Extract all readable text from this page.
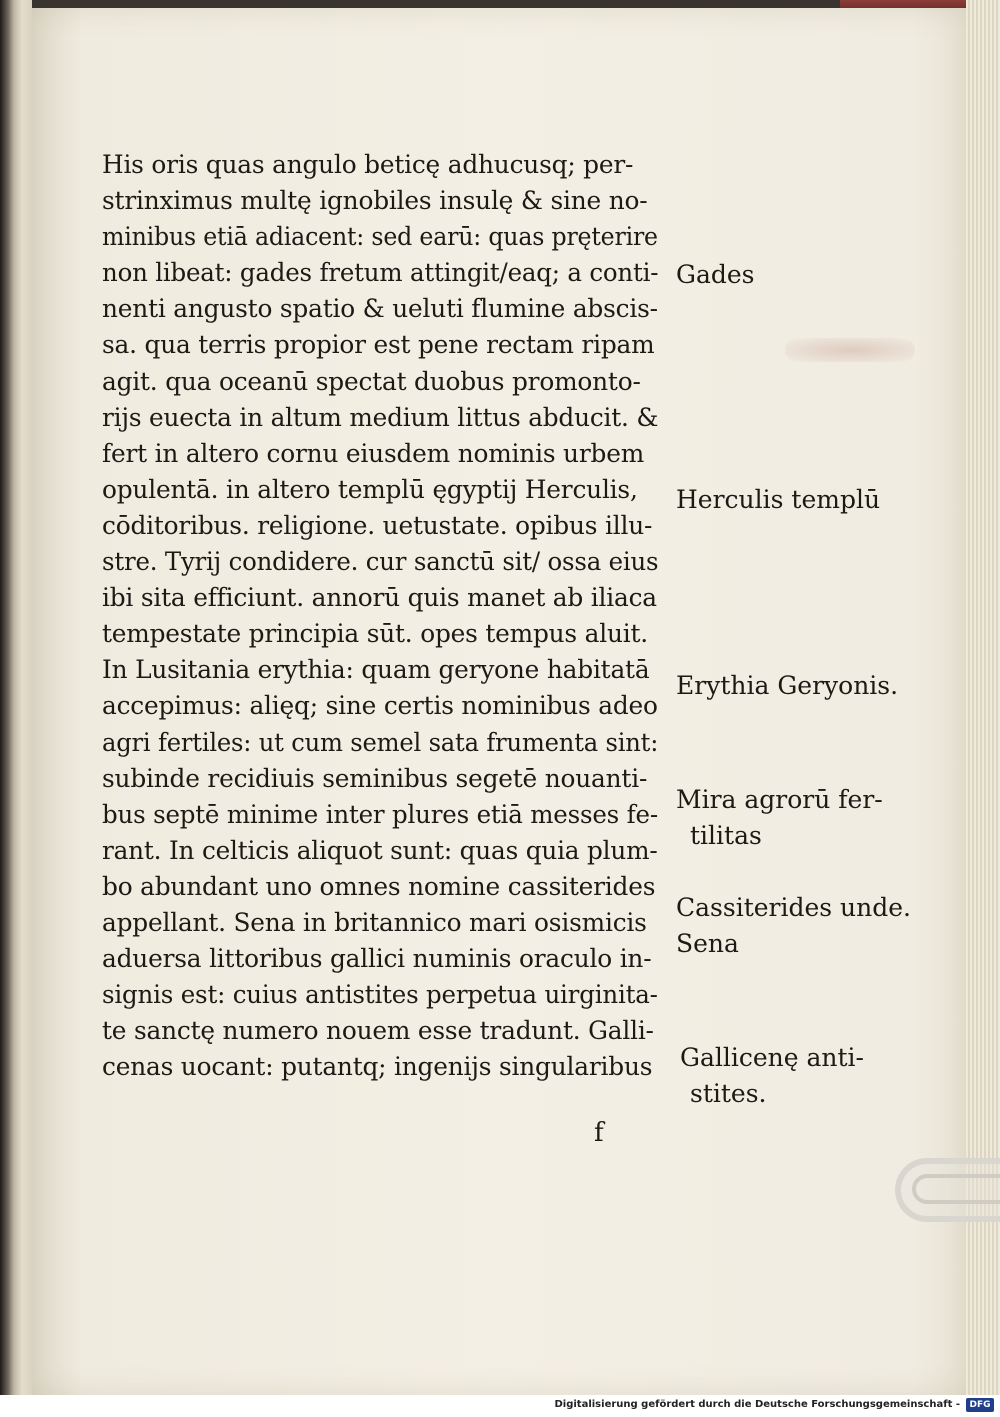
His oris quas angulo beticę adhucusq; per-
strinximus multę ignobiles insulę & sine no-
minibus etiā adiacent: sed earū: quas pręterire
non libeat: gades fretum attingit/eaq; a conti-
nenti angusto spatio & ueluti flumine abscis-
sa. qua terris propior est pene rectam ripam
agit. qua oceanū spectat duobus promonto-
rijs euecta in altum medium littus abducit. &
fert in altero cornu eiusdem nominis urbem
opulentā. in altero templū ęgyptij Herculis,
cōditoribus. religione. uetustate. opibus illu-
stre. Tyrij condidere. cur sanctū sit/ ossa eius
ibi sita efficiunt. annorū quis manet ab iliaca
tempestate principia sūt. opes tempus aluit.
In Lusitania erythia: quam geryone habitatā
accepimus: alięq; sine certis nominibus adeo
agri fertiles: ut cum semel sata frumenta sint:
subinde recidiuis seminibus segetē nouanti-
bus septē minime inter plures etiā messes fe-
rant. In celticis aliquot sunt: quas quia plum-
bo abundant uno omnes nomine cassiterides
appellant. Sena in britannico mari osismicis
aduersa littoribus gallici numinis oraculo in-
signis est: cuius antistites perpetua uirginita-
te sanctę numero nouem esse tradunt. Galli-
cenas uocant: putantq; ingenijs singularibus
Gades
Herculis templū
Erythia Geryonis.
Mira agrorū fer-
tilitas
Cassiterides unde.
Sena
Gallicenę anti-
stites.
f
Digitalisierung gefördert durch die Deutsche Forschungsgemeinschaft -	DFG
